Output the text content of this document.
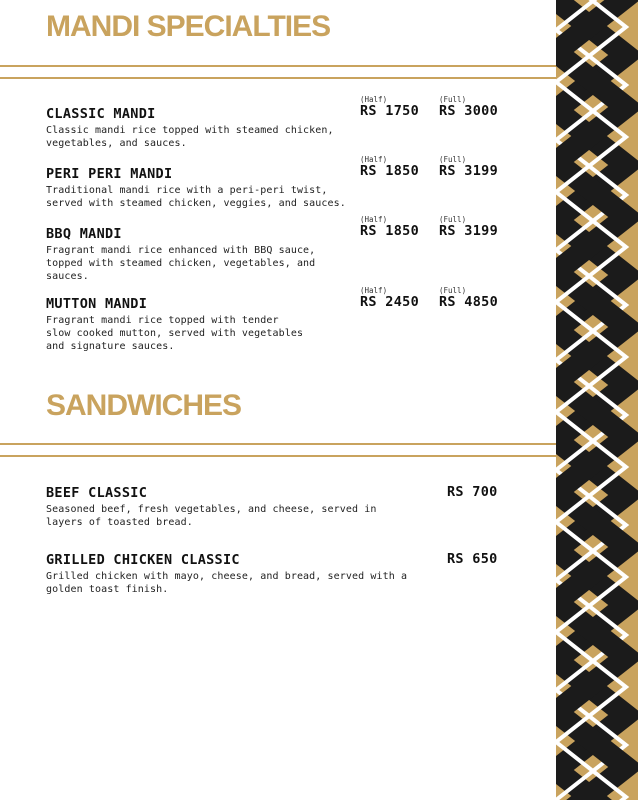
MANDI SPECIALTIES

CLASSIC MANDI

Classic mandi rice topped with steamed chicken, vegetables, and sauces.

(Half)
RS 1750
(Full)
RS 3000

PERI PERI MANDI

Traditional mandi rice with a peri-peri twist, served with steamed chicken, veggies, and sauces.

(Half)
RS 1850
(Full)
RS 3199

BBQ MANDI

Fragrant mandi rice enhanced with BBQ sauce, topped with steamed chicken, vegetables, and sauces.

(Half)
RS 1850
(Full)
RS 3199

MUTTON MANDI

Fragrant mandi rice topped with tender slow cooked mutton, served with vegetables and signature sauces.

(Half)
RS 2450
(Full)
RS 4850
SANDWICHES

BEEF CLASSIC

Seasoned beef, fresh vegetables, and cheese, served in layers of toasted bread.

RS 700

GRILLED CHICKEN CLASSIC

Grilled chicken with mayo, cheese, and bread, served with a golden toast finish.

RS 650
